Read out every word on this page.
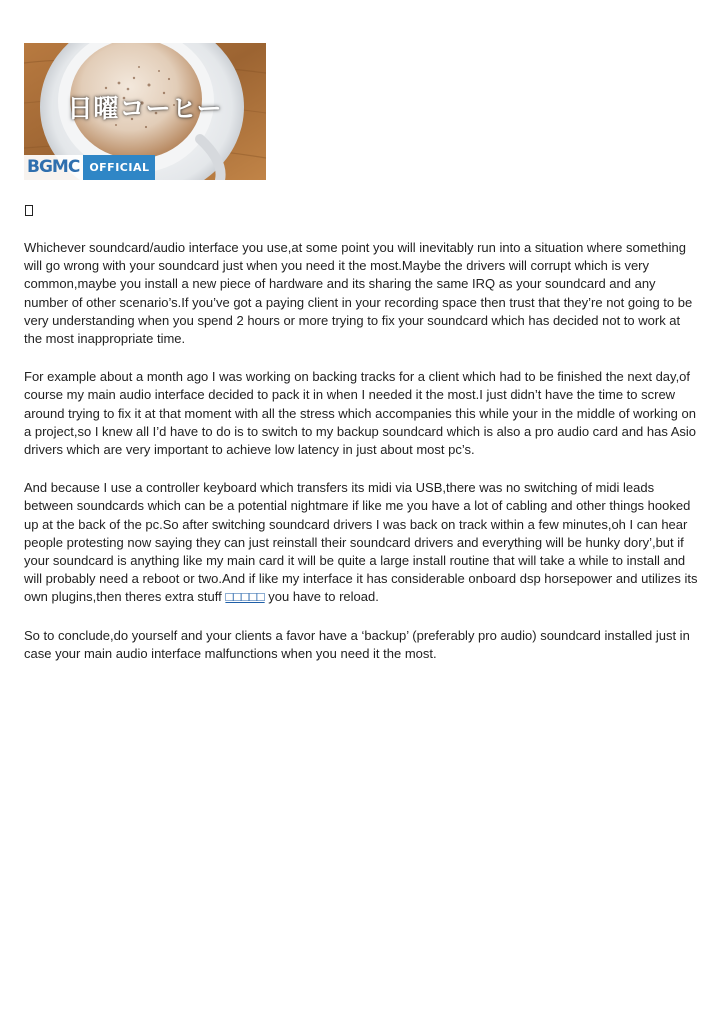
日曜コーヒー
BGMC OFFICIAL

Whichever soundcard/audio interface you use,at some point you will inevitably run into a situation where something will go wrong with your soundcard just when you need it the most.Maybe the drivers will corrupt which is very common,maybe you install a new piece of hardware and its sharing the same IRQ as your soundcard and any number of other scenario’s.If you’ve got a paying client in your recording space then trust that they’re not going to be very understanding when you spend 2 hours or more trying to fix your soundcard which has decided not to work at the most inappropriate time.

For example about a month ago I was working on backing tracks for a client which had to be finished the next day,of course my main audio interface decided to pack it in when I needed it the most.I just didn’t have the time to screw around trying to fix it at that moment with all the stress which accompanies this while your in the middle of working on a project,so I knew all I’d have to do is to switch to my backup soundcard which is also a pro audio card and has Asio drivers which are very important to achieve low latency in just about most pc’s.

And because I use a controller keyboard which transfers its midi via USB,there was no switching of midi leads between soundcards which can be a potential nightmare if like me you have a lot of cabling and other things hooked up at the back of the pc.So after switching soundcard drivers I was back on track within a few minutes,oh I can hear people protesting now saying they can just reinstall their soundcard drivers and everything will be hunky dory’,but if your soundcard is anything like my main card it will be quite a large install routine that will take a while to install and will probably need a reboot or two.And if like my interface it has considerable onboard dsp horsepower and utilizes its own plugins,then theres extra stuff □□□□□ you have to reload.

So to conclude,do yourself and your clients a favor have a ‘backup’ (preferably pro audio) soundcard installed just in case your main audio interface malfunctions when you need it the most.
